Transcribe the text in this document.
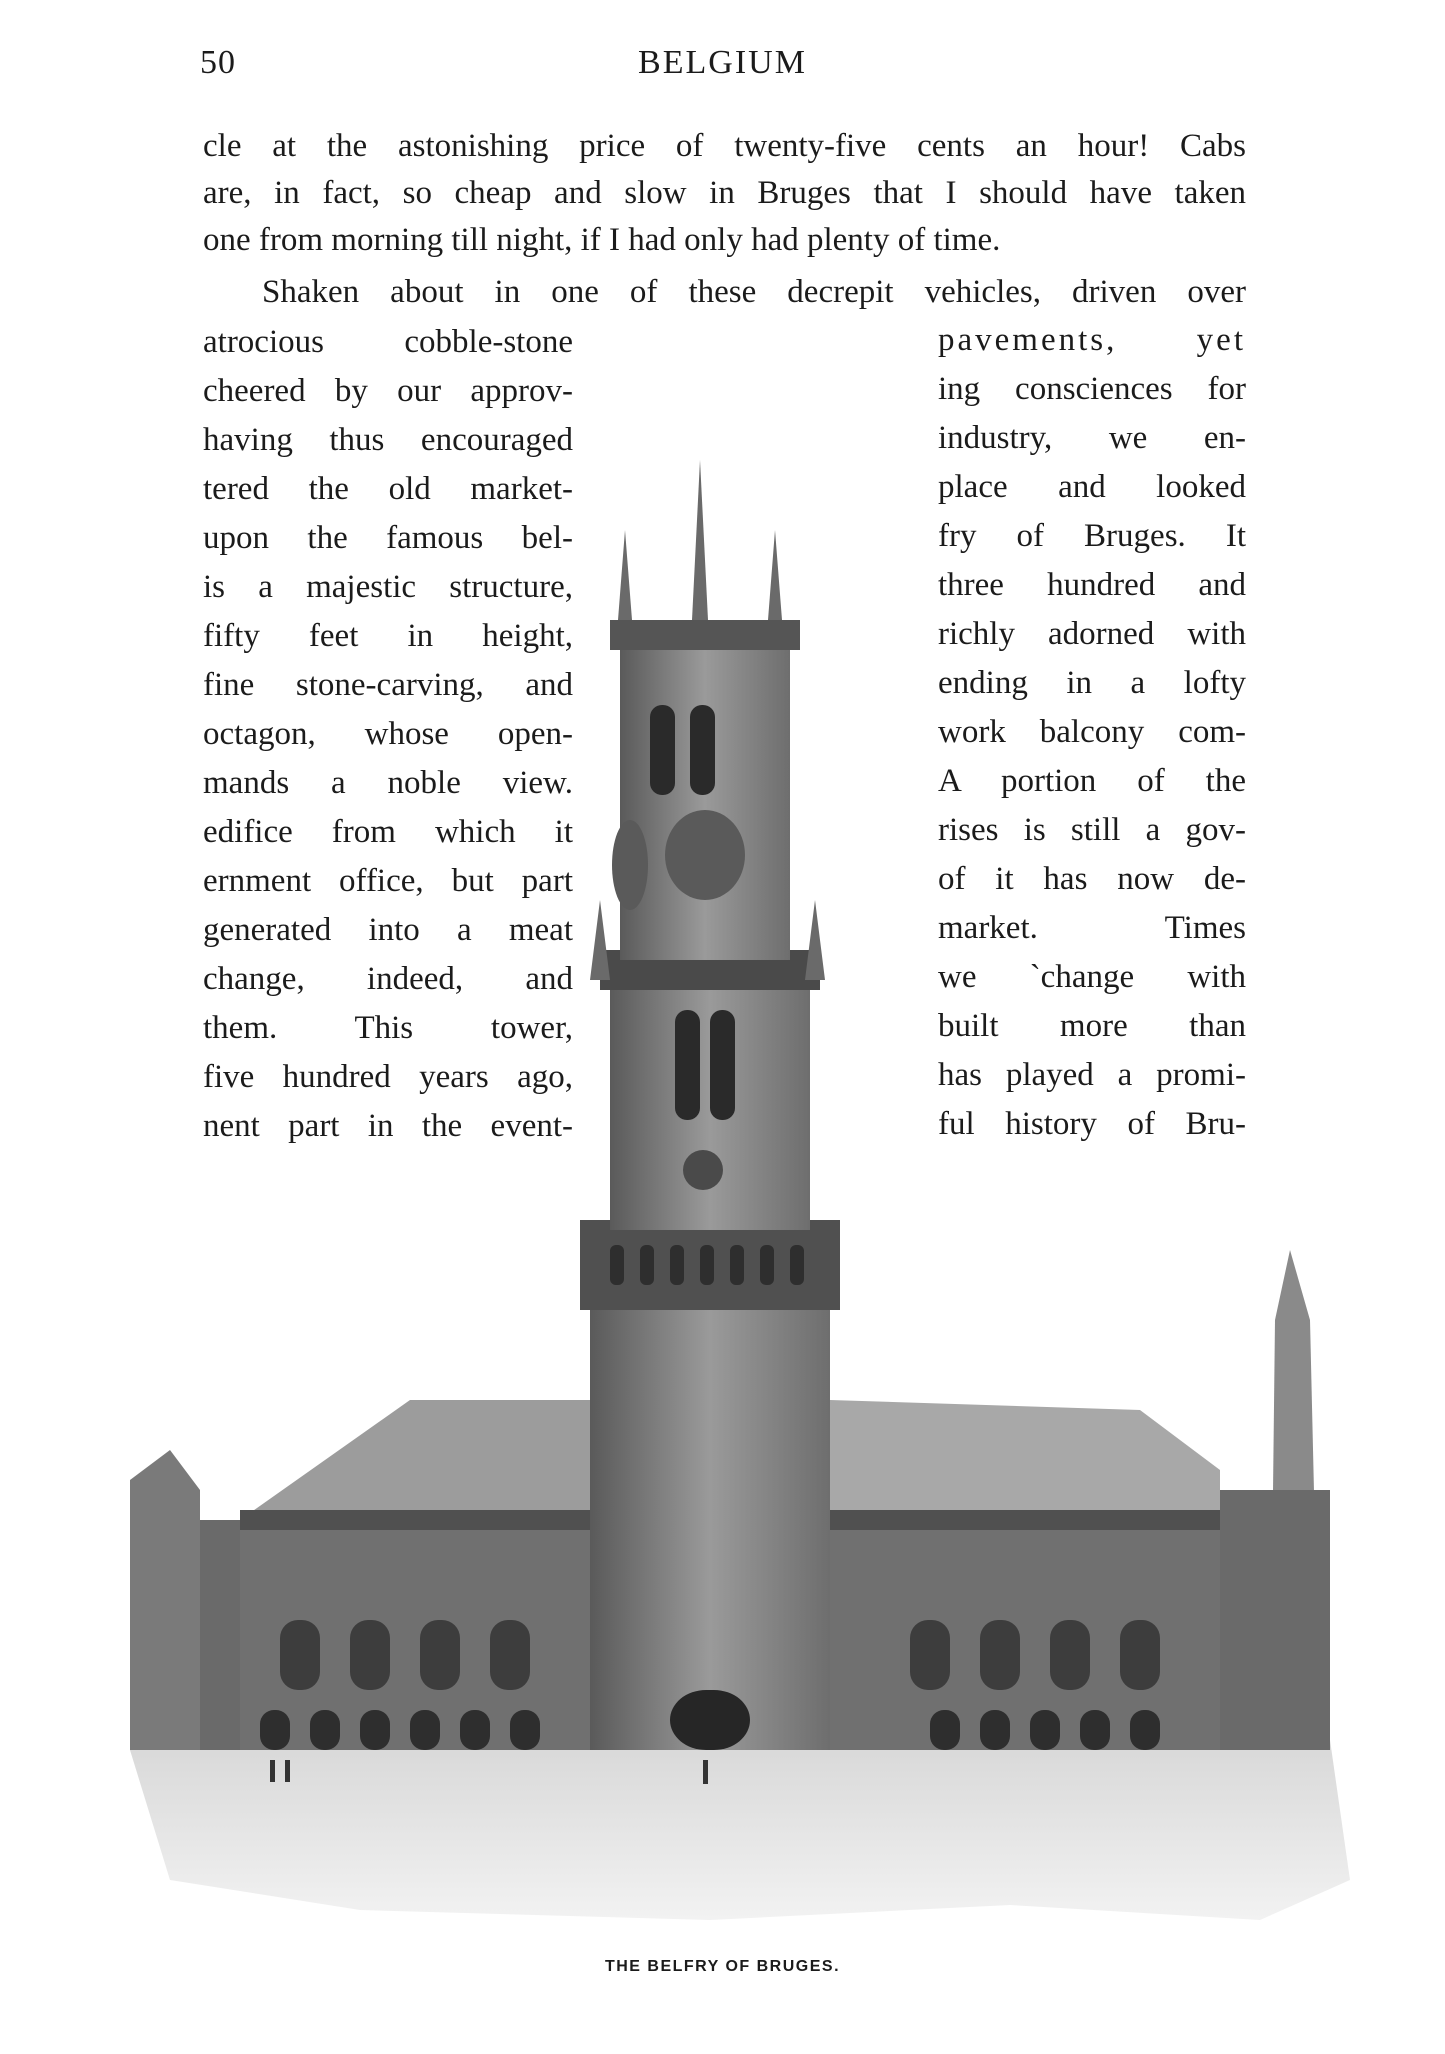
50	BELGIUM
cle at the astonishing price of twenty-five cents an hour! Cabs
are, in fact, so cheap and slow in Bruges that I should have taken
one from morning till night, if I had only had plenty of time.
Shaken about in one of these decrepit vehicles, driven over
atrocious cobble-stone
cheered by our approv-
having thus encouraged
tered the old market-
upon the famous bel-
is a majestic structure,
fifty feet in height,
fine stone-carving, and
octagon, whose open-
mands a noble view.
edifice from which it
ernment office, but part
generated into a meat
change, indeed, and
them. This tower,
five hundred years ago,
nent part in the event-
pavements, yet
ing consciences for
industry, we en-
place and looked
fry of Bruges. It
three hundred and
richly adorned with
ending in a lofty
work balcony com-
A portion of the
rises is still a gov-
of it has now de-
market. Times
we `change with
built more than
has played a promi-
ful history of Bru-
THE BELFRY OF BRUGES.
